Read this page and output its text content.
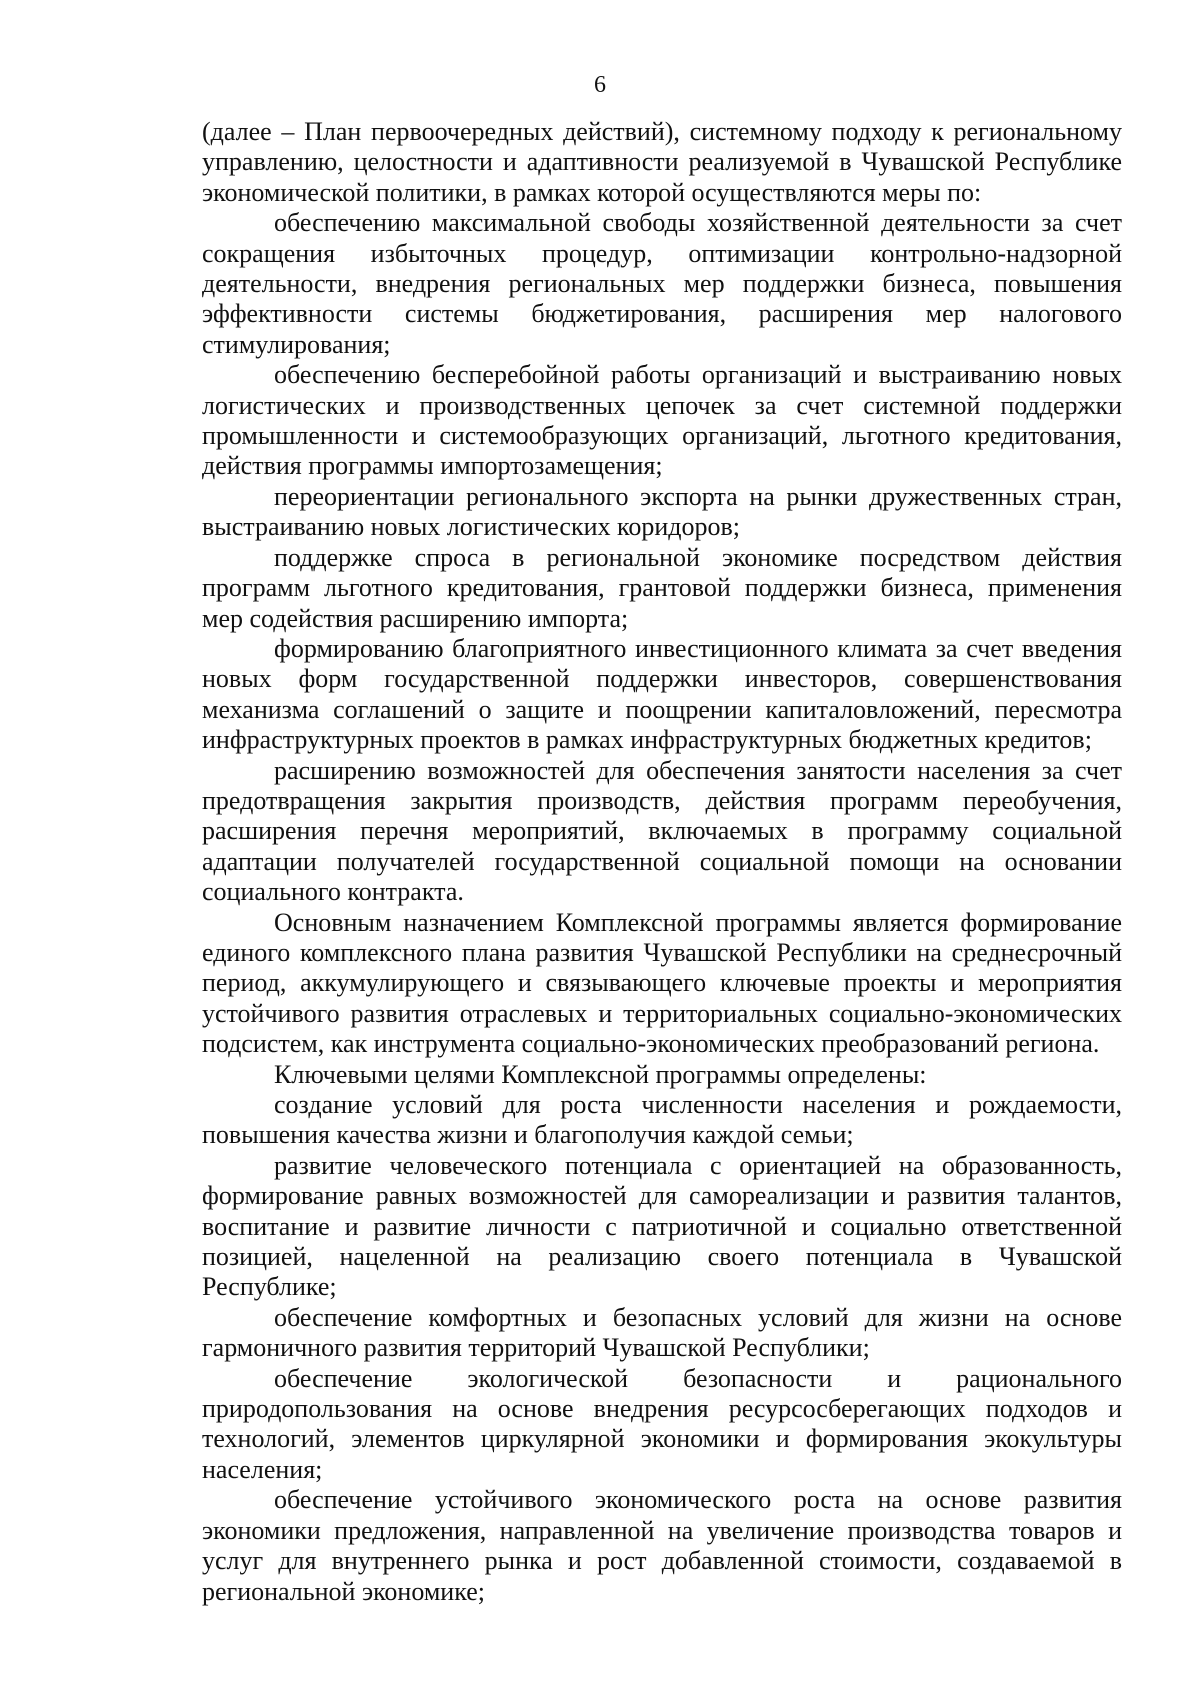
6

(далее – План первоочередных действий), системному подходу к региональному управлению, целостности и адаптивности реализуемой в Чувашской Республике экономической политики, в рамках которой осуществляются меры по:

обеспечению максимальной свободы хозяйственной деятельности за счет сокращения избыточных процедур, оптимизации контрольно-надзорной деятельности, внедрения региональных мер поддержки бизнеса, повышения эффективности системы бюджетирования, расширения мер налогового стимулирования;

обеспечению бесперебойной работы организаций и выстраиванию новых логистических и производственных цепочек за счет системной поддержки промышленности и системообразующих организаций, льготного кредитования, действия программы импортозамещения;

переориентации регионального экспорта на рынки дружественных стран, выстраиванию новых логистических коридоров;

поддержке спроса в региональной экономике посредством действия программ льготного кредитования, грантовой поддержки бизнеса, применения мер содействия расширению импорта;

формированию благоприятного инвестиционного климата за счет введения новых форм государственной поддержки инвесторов, совершенствования механизма соглашений о защите и поощрении капиталовложений, пересмотра инфраструктурных проектов в рамках инфраструктурных бюджетных кредитов;

расширению возможностей для обеспечения занятости населения за счет предотвращения закрытия производств, действия программ переобучения, расширения перечня мероприятий, включаемых в программу социальной адаптации получателей государственной социальной помощи на основании социального контракта.

Основным назначением Комплексной программы является формирование единого комплексного плана развития Чувашской Республики на среднесрочный период, аккумулирующего и связывающего ключевые проекты и мероприятия устойчивого развития отраслевых и территориальных социально-экономических подсистем, как инструмента социально-экономических преобразований региона.

Ключевыми целями Комплексной программы определены:

создание условий для роста численности населения и рождаемости, повышения качества жизни и благополучия каждой семьи;

развитие человеческого потенциала с ориентацией на образованность, формирование равных возможностей для самореализации и развития талантов, воспитание и развитие личности с патриотичной и социально ответственной позицией, нацеленной на реализацию своего потенциала в Чувашской Республике;

обеспечение комфортных и безопасных условий для жизни на основе гармоничного развития территорий Чувашской Республики;

обеспечение экологической безопасности и рационального природопользования на основе внедрения ресурсосберегающих подходов и технологий, элементов циркулярной экономики и формирования экокультуры населения;

обеспечение устойчивого экономического роста на основе развития экономики предложения, направленной на увеличение производства товаров и услуг для внутреннего рынка и рост добавленной стоимости, создаваемой в региональной экономике;
